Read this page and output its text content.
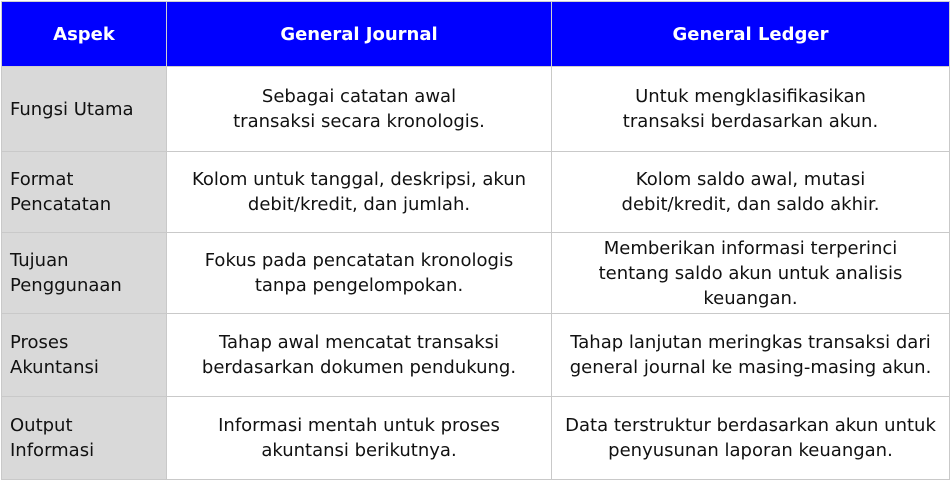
Aspek	General Journal	General Ledger
Fungsi Utama	Sebagai catatan awal transaksi secara kronologis.	Untuk mengklasifikasikan transaksi berdasarkan akun.
Format Pencatatan	Kolom untuk tanggal, deskripsi, akun debit/kredit, dan jumlah.	Kolom saldo awal, mutasi debit/kredit, dan saldo akhir.
Tujuan Penggunaan	Fokus pada pencatatan kronologis tanpa pengelompokan.	Memberikan informasi terperinci tentang saldo akun untuk analisis keuangan.
Proses Akuntansi	Tahap awal mencatat transaksi berdasarkan dokumen pendukung.	Tahap lanjutan meringkas transaksi dari general journal ke masing-masing akun.
Output Informasi	Informasi mentah untuk proses akuntansi berikutnya.	Data terstruktur berdasarkan akun untuk penyusunan laporan keuangan.
